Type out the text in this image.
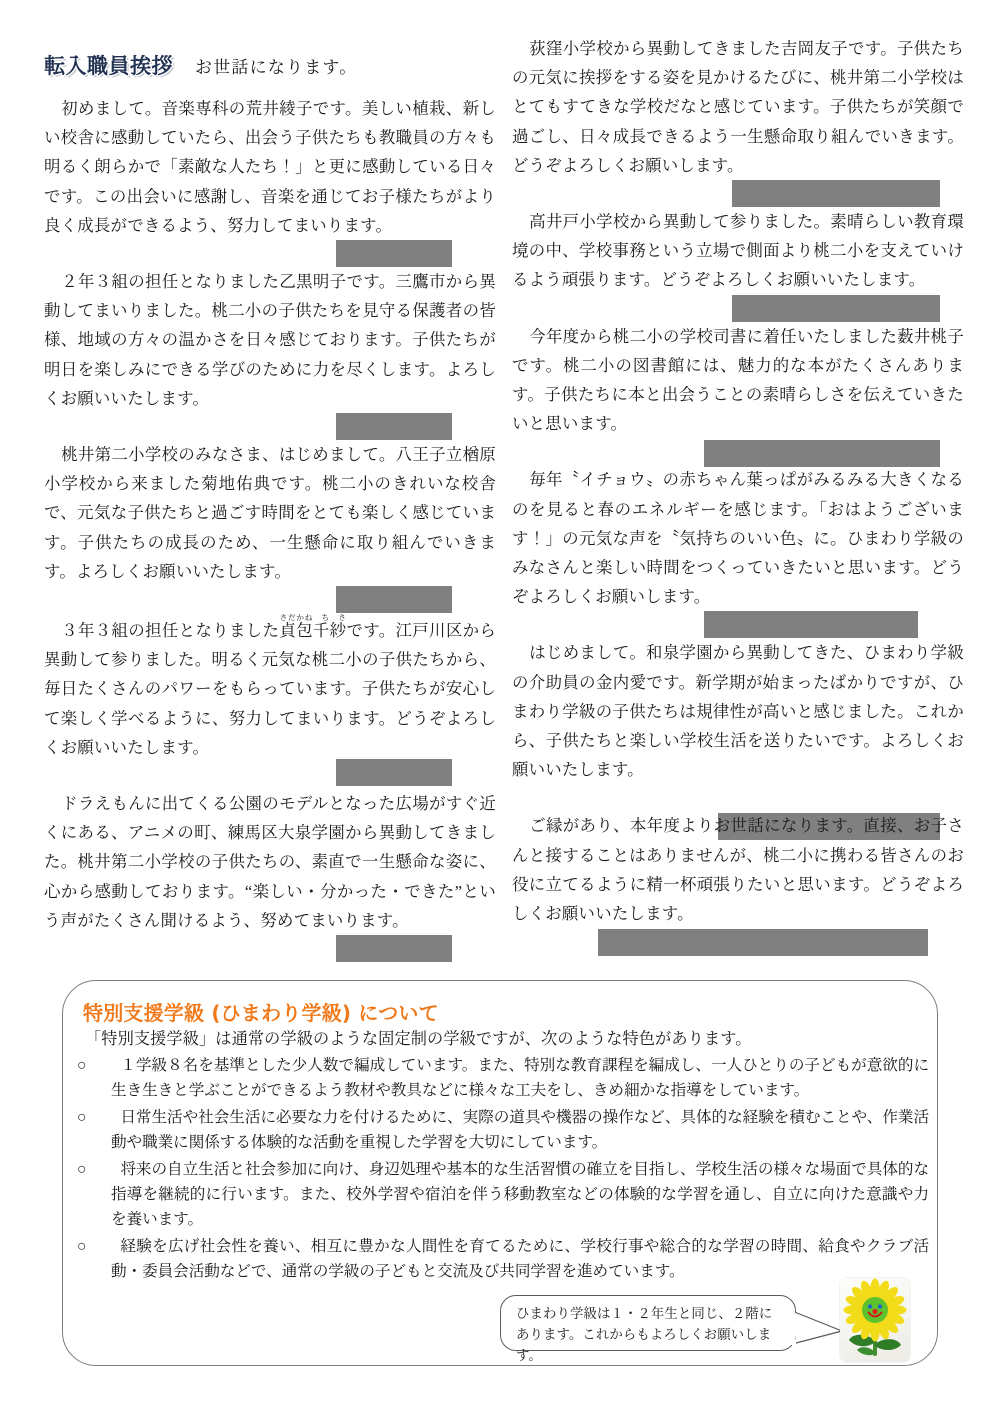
転入職員挨拶 お世話になります。
初めまして。音楽専科の荒井綾子です。美しい植栽、新しい校舎に感動していたら、出会う子供たちも教職員の方々も明るく朗らかで「素敵な人たち！」と更に感動している日々です。この出会いに感謝し、音楽を通じてお子様たちがより良く成長ができるよう、努力してまいります。
２年３組の担任となりました乙黒明子です。三鷹市から異動してまいりました。桃二小の子供たちを見守る保護者の皆様、地域の方々の温かさを日々感じております。子供たちが明日を楽しみにできる学びのために力を尽くします。よろしくお願いいたします。
桃井第二小学校のみなさま、はじめまして。八王子立楢原小学校から来ました菊地佑典です。桃二小のきれいな校舎で、元気な子供たちと過ごす時間をとても楽しく感じています。子供たちの成長のため、一生懸命に取り組んでいきます。よろしくお願いいたします。
３年３組の担任となりました貞包千紗さだかね　ち　さです。江戸川区から異動して参りました。明るく元気な桃二小の子供たちから、毎日たくさんのパワーをもらっています。子供たちが安心して楽しく学べるように、努力してまいります。どうぞよろしくお願いいたします。
ドラえもんに出てくる公園のモデルとなった広場がすぐ近くにある、アニメの町、練馬区大泉学園から異動してきました。桃井第二小学校の子供たちの、素直で一生懸命な姿に、心から感動しております。“楽しい・分かった・できた”という声がたくさん聞けるよう、努めてまいります。
荻窪小学校から異動してきました吉岡友子です。子供たちの元気に挨拶をする姿を見かけるたびに、桃井第二小学校はとてもすてきな学校だなと感じています。子供たちが笑顔で過ごし、日々成長できるよう一生懸命取り組んでいきます。どうぞよろしくお願いします。
高井戸小学校から異動して参りました。素晴らしい教育環境の中、学校事務という立場で側面より桃二小を支えていけるよう頑張ります。どうぞよろしくお願いいたします。
今年度から桃二小の学校司書に着任いたしました薮井桃子です。桃二小の図書館には、魅力的な本がたくさんあります。子供たちに本と出会うことの素晴らしさを伝えていきたいと思います。
毎年〝イチョウ〟の赤ちゃん葉っぱがみるみる大きくなるのを見ると春のエネルギーを感じます。「おはようございます！」の元気な声を〝気持ちのいい色〟に。ひまわり学級のみなさんと楽しい時間をつくっていきたいと思います。どうぞよろしくお願いします。
はじめまして。和泉学園から異動してきた、ひまわり学級の介助員の金内愛です。新学期が始まったばかりですが、ひまわり学級の子供たちは規律性が高いと感じました。これから、子供たちと楽しい学校生活を送りたいです。よろしくお願いいたします。
ご縁があり、本年度よりお世話になります。直接、お子さんと接することはありませんが、桃二小に携わる皆さんのお役に立てるように精一杯頑張りたいと思います。どうぞよろしくお願いいたします。
特別支援学級 (ひまわり学級) について
「特別支援学級」は通常の学級のような固定制の学級ですが、次のような特色があります。
○	１学級８名を基準とした少人数で編成しています。また、特別な教育課程を編成し、一人ひとりの子どもが意欲的に生き生きと学ぶことができるよう教材や教具などに様々な工夫をし、きめ細かな指導をしています。
○	日常生活や社会生活に必要な力を付けるために、実際の道具や機器の操作など、具体的な経験を積むことや、作業活動や職業に関係する体験的な活動を重視した学習を大切にしています。
○	将来の自立生活と社会参加に向け、身辺処理や基本的な生活習慣の確立を目指し、学校生活の様々な場面で具体的な指導を継続的に行います。また、校外学習や宿泊を伴う移動教室などの体験的な学習を通し、自立に向けた意識や力を養います。
○	経験を広げ社会性を養い、相互に豊かな人間性を育てるために、学校行事や総合的な学習の時間、給食やクラブ活動・委員会活動などで、通常の学級の子どもと交流及び共同学習を進めています。
ひまわり学級は１・２年生と同じ、２階にあります。これからもよろしくお願いします。
